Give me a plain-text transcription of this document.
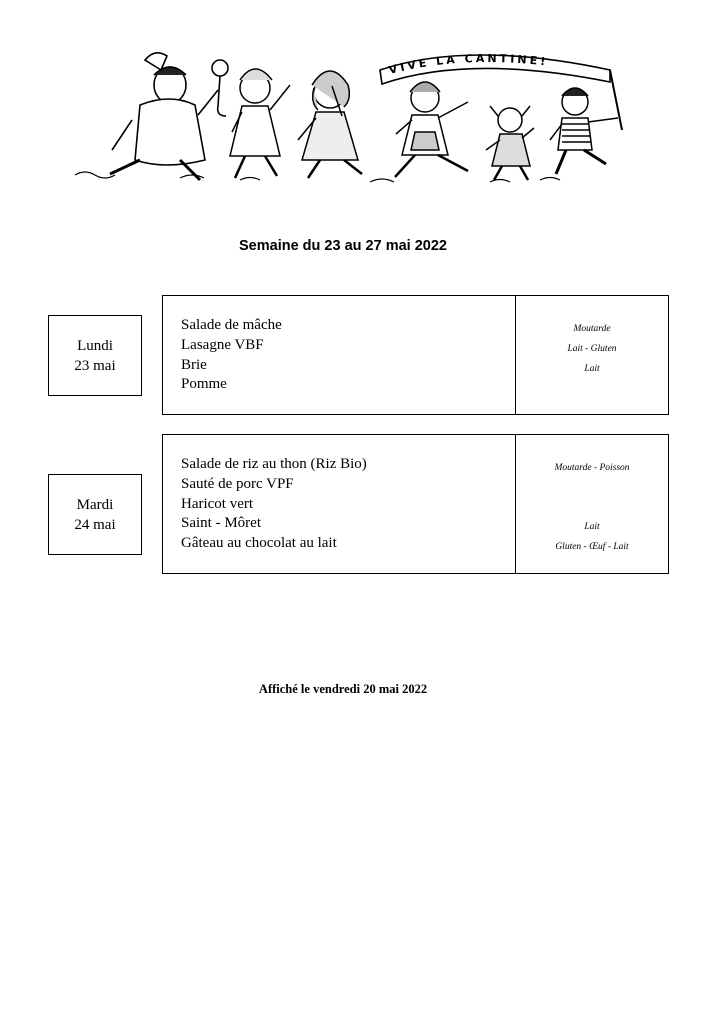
VIVE LA CANTINE!
Semaine du 23 au 27 mai 2022
Lundi
23 mai
Salade de mâche
Lasagne VBF
Brie
Pomme
Moutarde
Lait - Gluten
Lait

Mardi
24 mai
Salade de riz au thon (Riz Bio)
Sauté de porc VPF
Haricot vert
Saint - Môret
Gâteau au chocolat au lait
Moutarde - Poisson

Lait
Gluten - Œuf - Lait
Affiché le vendredi 20 mai 2022
